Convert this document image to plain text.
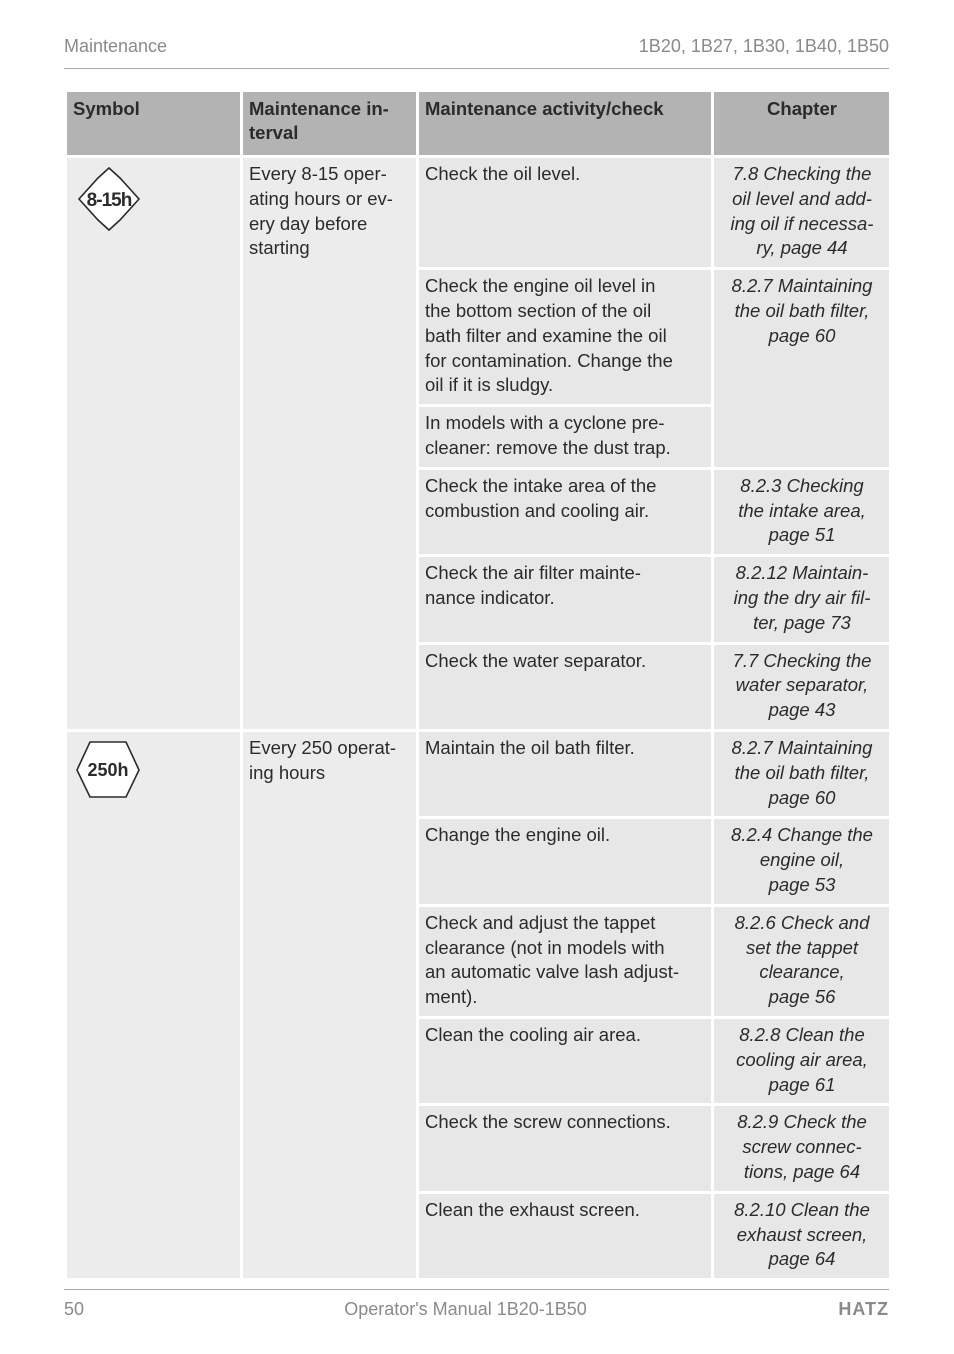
Maintenance	1B20, 1B27, 1B30, 1B40, 1B50
Symbol	Maintenance in-
terval	Maintenance activity/check	Chapter

8-15h	Every 8-15 oper-
ating hours or ev-
ery day before
starting	Check the oil level.	7.8 Checking the
oil level and add-
ing oil if necessa-
ry, page 44
		Check the engine oil level in
the bottom section of the oil
bath filter and examine the oil
for contamination. Change the
oil if it is sludgy.	8.2.7 Maintaining
the oil bath filter,
page 60
		In models with a cyclone pre-
cleaner: remove the dust trap.	
		Check the intake area of the
combustion and cooling air.	8.2.3 Checking
the intake area,
page 51
		Check the air filter mainte-
nance indicator.	8.2.12 Maintain-
ing the dry air fil-
ter, page 73
		Check the water separator.	7.7 Checking the
water separator,
page 43

250h	Every 250 operat-
ing hours	Maintain the oil bath filter.	8.2.7 Maintaining
the oil bath filter,
page 60
		Change the engine oil.	8.2.4 Change the
engine oil,
page 53
		Check and adjust the tappet
clearance (not in models with
an automatic valve lash adjust-
ment).	8.2.6 Check and
set the tappet
clearance,
page 56
		Clean the cooling air area.	8.2.8 Clean the
cooling air area,
page 61
		Check the screw connections.	8.2.9 Check the
screw connec-
tions, page 64
		Clean the exhaust screen.	8.2.10 Clean the
exhaust screen,
page 64
50	Operator's Manual 1B20-1B50	HATZ
